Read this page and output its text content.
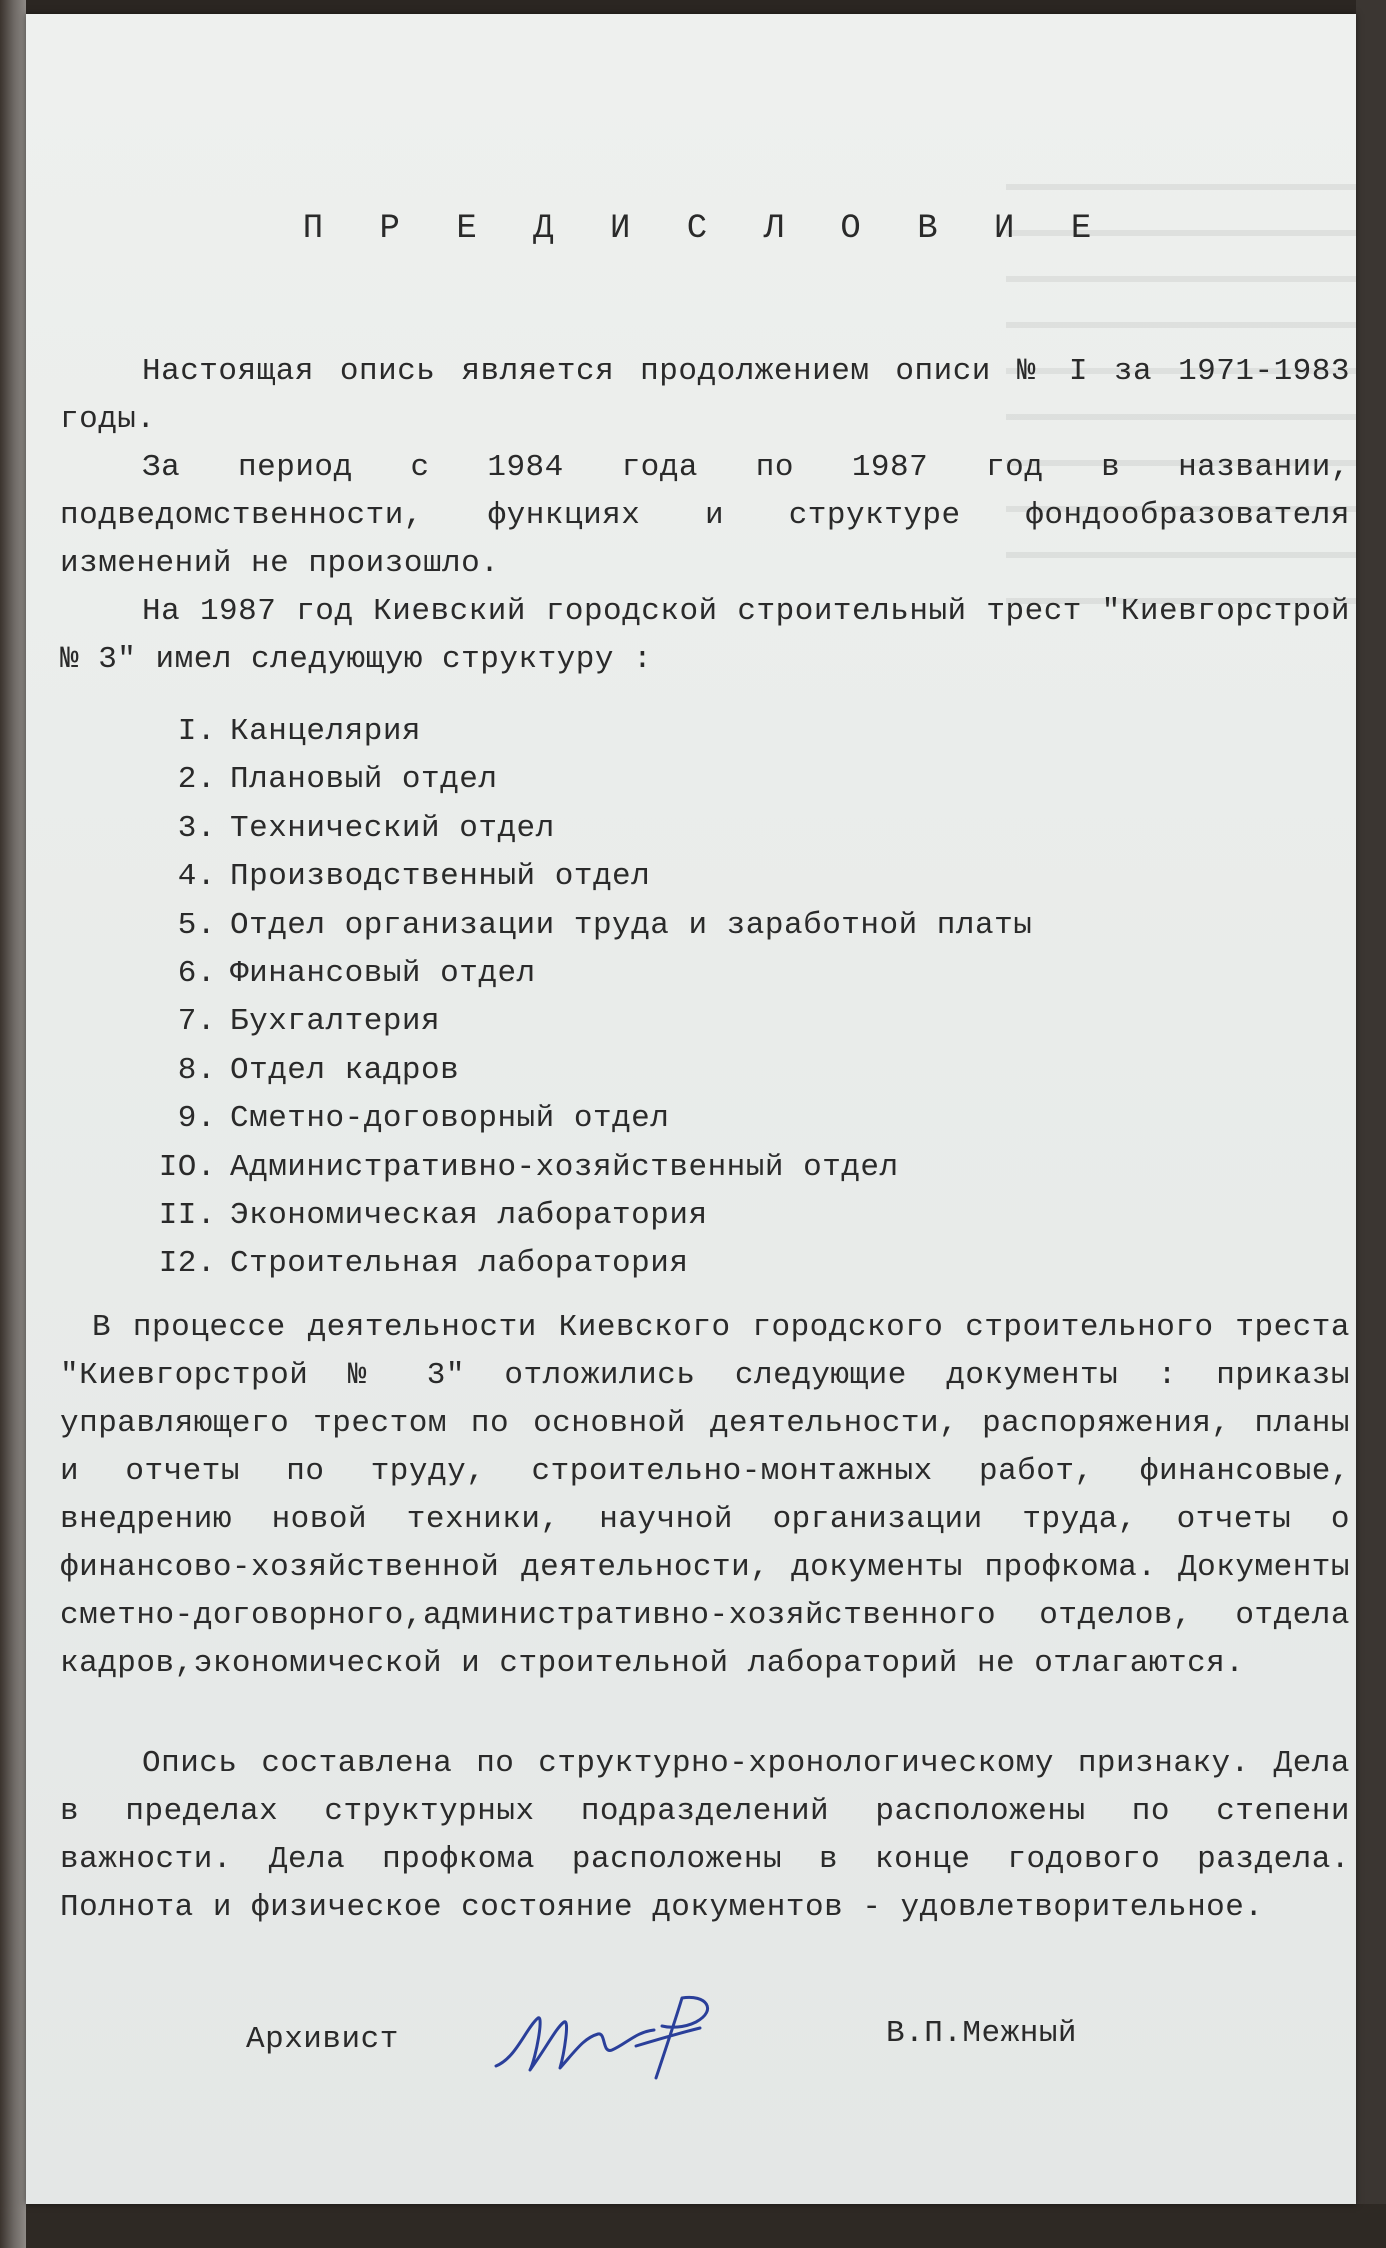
П Р Е Д И С Л О В И Е
Настоящая опись является продолжением описи № I за 1971-1983 годы.
За период с 1984 года по 1987 год в названии, подведомственности, функциях и структуре фондообразователя изменений не произошло.
На 1987 год Киевский городской строительный трест "Киевгорстрой № 3" имел следующую структуру :
I. Канцелярия
2. Плановый отдел
3. Технический отдел
4. Производственный отдел
5. Отдел организации труда и заработной платы
6. Финансовый отдел
7. Бухгалтерия
8. Отдел кадров
9. Сметно-договорный отдел
IO. Административно-хозяйственный отдел
II. Экономическая лаборатория
I2. Строительная лаборатория
В процессе деятельности Киевского городского строительного треста "Киевгорстрой № 3" отложились следующие документы : приказы управляющего трестом по основной деятельности, распоряжения, планы и отчеты по труду, строительно-монтажных работ, финансовые, внедрению новой техники, научной организации труда, отчеты о финансово-хозяйственной деятельности, документы профкома. Документы сметно-договорного,административно-хозяйственного отделов, отдела кадров,экономической и строительной лабораторий не отлагаются.
Опись составлена по структурно-хронологическому признаку. Дела в пределах структурных подразделений расположены по степени важности. Дела профкома расположены в конце годового раздела. Полнота и физическое состояние документов - удовлетворительное.
Архивист	В.П.Межный
